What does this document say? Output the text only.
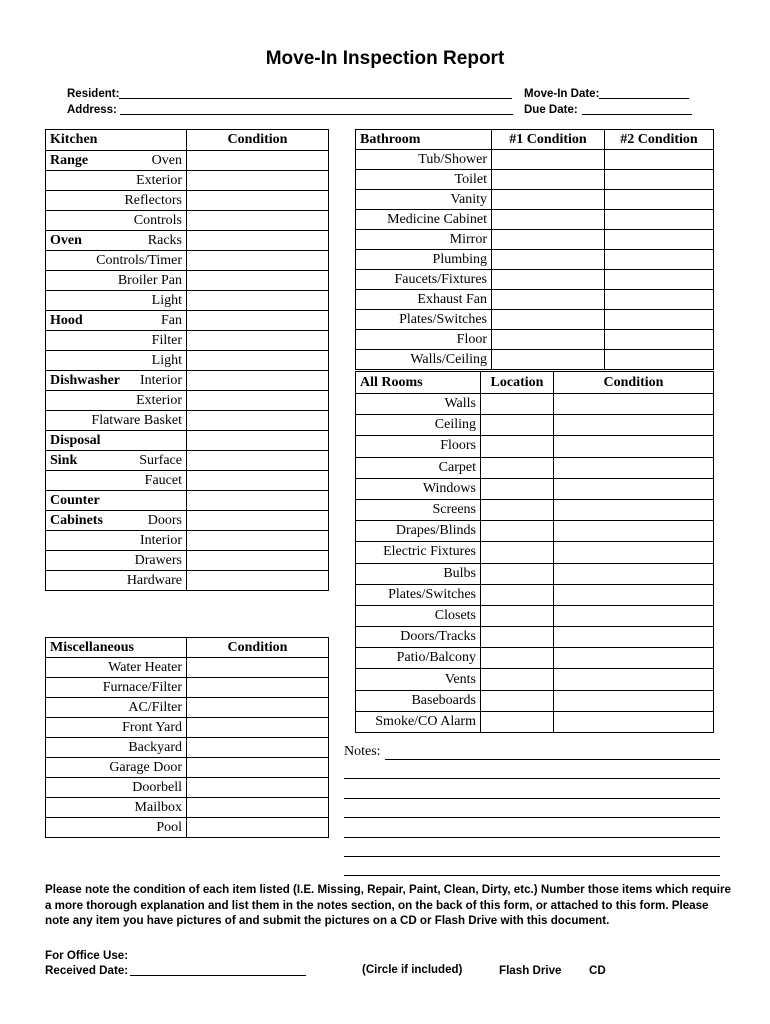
Move-In Inspection Report
Resident:
Address:
Move-In Date:
Due Date:
Kitchen	Condition

Range Oven	

Exterior	
Reflectors	
Controls	

Oven Racks	

Controls/Timer	
Broiler Pan	
Light	

Hood Fan	

Filter	
Light	

Dishwasher Interior	

Exterior	
Flatware Basket	

Disposal	

Sink Surface	

Faucet	

Counter	

Cabinets Doors	

Interior	
Drawers	
Hardware	
Miscellaneous	Condition
Water Heater	
Furnace/Filter	
AC/Filter	
Front Yard	
Backyard	
Garage Door	
Doorbell	
Mailbox	
Pool	
Bathroom	#1 Condition	#2 Condition
Tub/Shower		
Toilet		
Vanity		
Medicine Cabinet		
Mirror		
Plumbing		
Faucets/Fixtures		
Exhaust Fan		
Plates/Switches		
Floor		
Walls/Ceiling		
All Rooms	Location	Condition
Walls		
Ceiling		
Floors		
Carpet		
Windows		
Screens		
Drapes/Blinds		
Electric Fixtures		
Bulbs		
Plates/Switches		
Closets		
Doors/Tracks		
Patio/Balcony		
Vents		
Baseboards		
Smoke/CO Alarm		
Notes:
Please note the condition of each item listed (I.E. Missing, Repair, Paint, Clean, Dirty, etc.) Number those items which require a more thorough explanation and list them in the notes section, on the back of this form, or attached to this form. Please note any item you have pictures of and submit the pictures on a CD or Flash Drive with this document.
For Office Use:
Received Date:	(Circle if included)	Flash Drive CD
